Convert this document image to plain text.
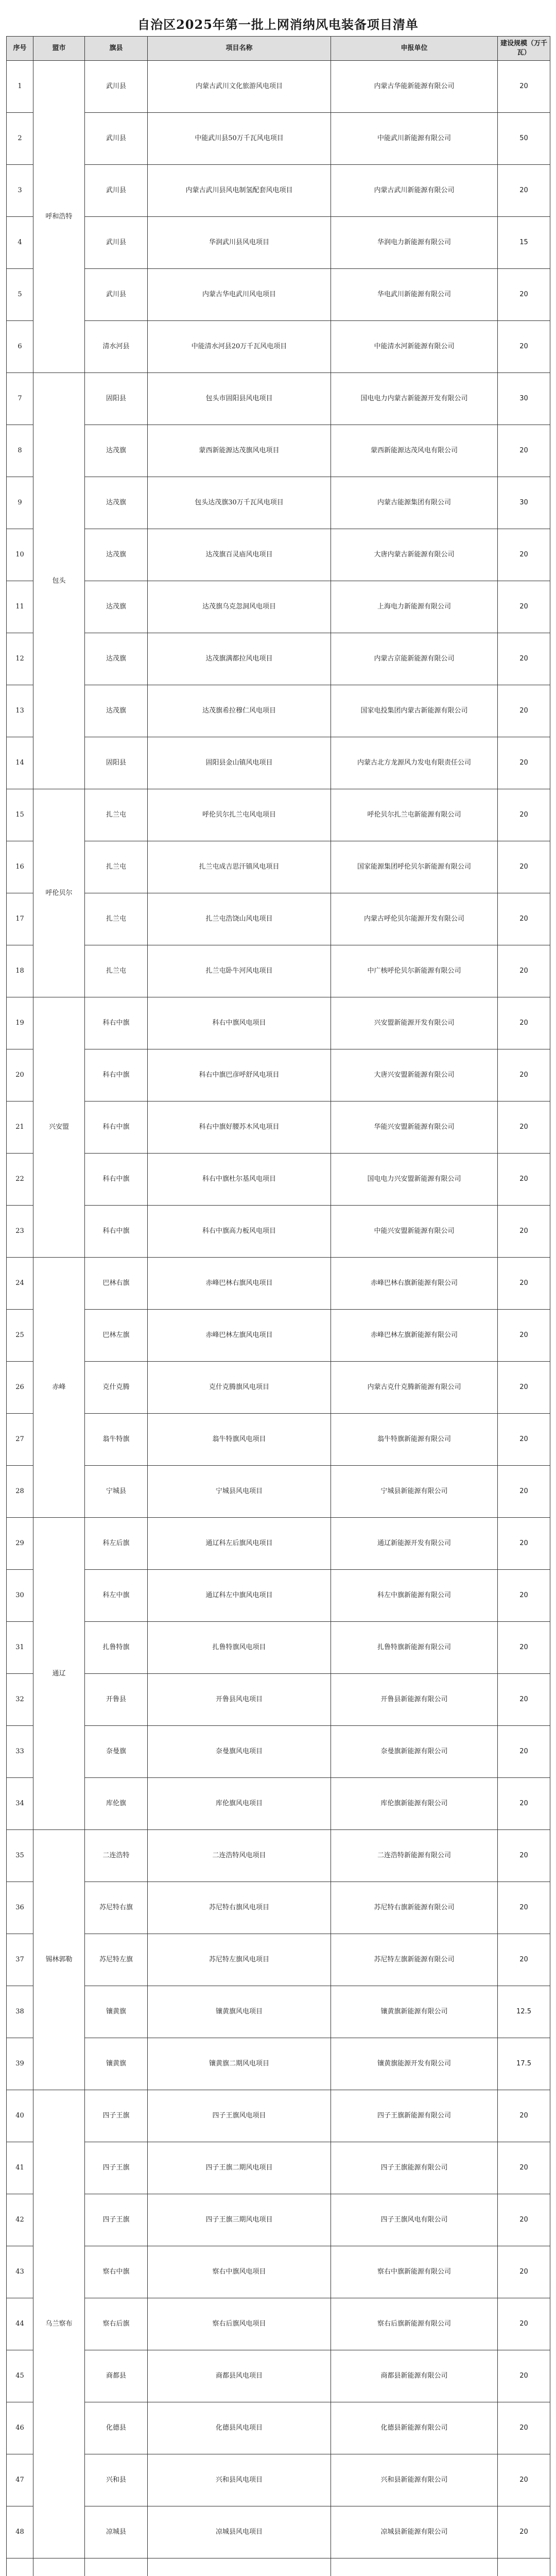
自治区2025年第一批上网消纳风电装备项目清单
序号	盟市	旗县	项目名称	申报单位	建设规模（万千瓦）
1	呼和浩特	武川县	内蒙古武川文化旅游风电项目	内蒙古华能新能源有限公司	20
2		武川县	中能武川县50万千瓦风电项目	中能武川新能源有限公司	50
3		武川县	内蒙古武川县风电制氢配套风电项目	内蒙古武川新能源有限公司	20
4		武川县	华润武川县风电项目	华润电力新能源有限公司	15
5		武川县	内蒙古华电武川风电项目	华电武川新能源有限公司	20
6		清水河县	中能清水河县20万千瓦风电项目	中能清水河新能源有限公司	20
7	包头	固阳县	包头市固阳县风电项目	国电电力内蒙古新能源开发有限公司	30
8		达茂旗	蒙西新能源达茂旗风电项目	蒙西新能源达茂风电有限公司	20
9		达茂旗	包头达茂旗30万千瓦风电项目	内蒙古能源集团有限公司	30
10		达茂旗	达茂旗百灵庙风电项目	大唐内蒙古新能源有限公司	20
11		达茂旗	达茂旗乌克忽洞风电项目	上海电力新能源有限公司	20
12		达茂旗	达茂旗满都拉风电项目	内蒙古京能新能源有限公司	20
13		达茂旗	达茂旗希拉穆仁风电项目	国家电投集团内蒙古新能源有限公司	20
14		固阳县	固阳县金山镇风电项目	内蒙古北方龙源风力发电有限责任公司	20
15	呼伦贝尔	扎兰屯	呼伦贝尔扎兰屯风电项目	呼伦贝尔扎兰屯新能源有限公司	20
16		扎兰屯	扎兰屯成吉思汗镇风电项目	国家能源集团呼伦贝尔新能源有限公司	20
17		扎兰屯	扎兰屯浩饶山风电项目	内蒙古呼伦贝尔能源开发有限公司	20
18		扎兰屯	扎兰屯卧牛河风电项目	中广核呼伦贝尔新能源有限公司	20
19	兴安盟	科右中旗	科右中旗风电项目	兴安盟新能源开发有限公司	20
20		科右中旗	科右中旗巴彦呼舒风电项目	大唐兴安盟新能源有限公司	20
21		科右中旗	科右中旗好腰苏木风电项目	华能兴安盟新能源有限公司	20
22		科右中旗	科右中旗杜尔基风电项目	国电电力兴安盟新能源有限公司	20
23		科右中旗	科右中旗高力板风电项目	中能兴安盟新能源有限公司	20
24	赤峰	巴林右旗	赤峰巴林右旗风电项目	赤峰巴林右旗新能源有限公司	20
25		巴林左旗	赤峰巴林左旗风电项目	赤峰巴林左旗新能源有限公司	20
26		克什克腾	克什克腾旗风电项目	内蒙古克什克腾新能源有限公司	20
27		翁牛特旗	翁牛特旗风电项目	翁牛特旗新能源有限公司	20
28		宁城县	宁城县风电项目	宁城县新能源有限公司	20
29	通辽	科左后旗	通辽科左后旗风电项目	通辽新能源开发有限公司	20
30		科左中旗	通辽科左中旗风电项目	科左中旗新能源有限公司	20
31		扎鲁特旗	扎鲁特旗风电项目	扎鲁特旗新能源有限公司	20
32		开鲁县	开鲁县风电项目	开鲁县新能源有限公司	20
33		奈曼旗	奈曼旗风电项目	奈曼旗新能源有限公司	20
34		库伦旗	库伦旗风电项目	库伦旗新能源有限公司	20
35	锡林郭勒	二连浩特	二连浩特风电项目	二连浩特新能源有限公司	20
36		苏尼特右旗	苏尼特右旗风电项目	苏尼特右旗新能源有限公司	20
37		苏尼特左旗	苏尼特左旗风电项目	苏尼特左旗新能源有限公司	20
38		镶黄旗	镶黄旗风电项目	镶黄旗新能源有限公司	12.5
39		镶黄旗	镶黄旗二期风电项目	镶黄旗能源开发有限公司	17.5
40	乌兰察布	四子王旗	四子王旗风电项目	四子王旗新能源有限公司	20
41		四子王旗	四子王旗二期风电项目	四子王旗能源有限公司	20
42		四子王旗	四子王旗三期风电项目	四子王旗风电有限公司	20
43		察右中旗	察右中旗风电项目	察右中旗新能源有限公司	20
44		察右后旗	察右后旗风电项目	察右后旗新能源有限公司	20
45		商都县	商都县风电项目	商都县新能源有限公司	20
46		化德县	化德县风电项目	化德县新能源有限公司	20
47		兴和县	兴和县风电项目	兴和县新能源有限公司	20
48		凉城县	凉城县风电项目	凉城县新能源有限公司	20
